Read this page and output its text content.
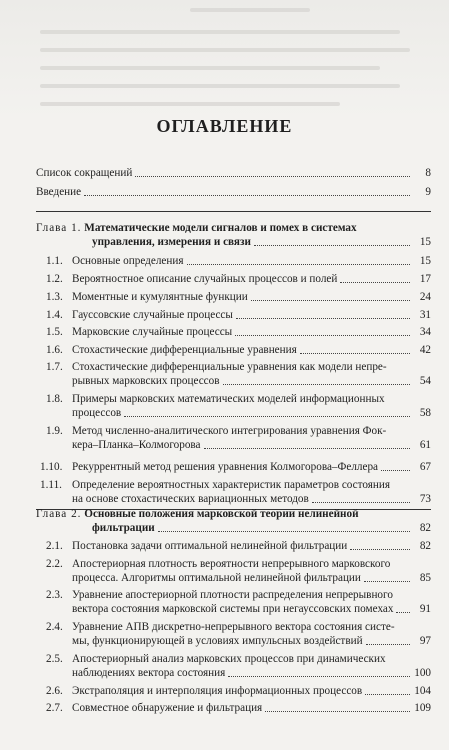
ОГЛАВЛЕНИЕ
Список сокращений	8
Введение	9
Глава 1. Математические модели сигналов и помех в системах
управления, измерения и связи	15
1.1. Основные определения	15
1.2. Вероятностное описание случайных процессов и полей	17
1.3. Моментные и кумулянтные функции	24
1.4. Гауссовские случайные процессы	31
1.5. Марковские случайные процессы	34
1.6. Стохастические дифференциальные уравнения	42
1.7. Стохастические дифференциальные уравнения как модели непре-
рывных марковских процессов	54
1.8. Примеры марковских математических моделей информационных
процессов	58
1.9. Метод численно-аналитического интегрирования уравнения Фок-
кера–Планка–Колмогорова	61
1.10. Рекуррентный метод решения уравнения Колмогорова–Феллера	67
1.11. Определение вероятностных характеристик параметров состояния
на основе стохастических вариационных методов	73
Глава 2. Основные положения марковской теории нелинейной
фильтрации	82
2.1. Постановка задачи оптимальной нелинейной фильтрации	82
2.2. Апостериорная плотность вероятности непрерывного марковского
процесса. Алгоритмы оптимальной нелинейной фильтрации	85
2.3. Уравнение апостериорной плотности распределения непрерывного
вектора состояния марковской системы при негауссовских помехах	91
2.4. Уравнение АПВ дискретно-непрерывного вектора состояния систе-
мы, функционирующей в условиях импульсных воздействий	97
2.5. Апостериорный анализ марковских процессов при динамических
наблюдениях вектора состояния	100
2.6. Экстраполяция и интерполяция информационных процессов	104
2.7. Совместное обнаружение и фильтрация	109
